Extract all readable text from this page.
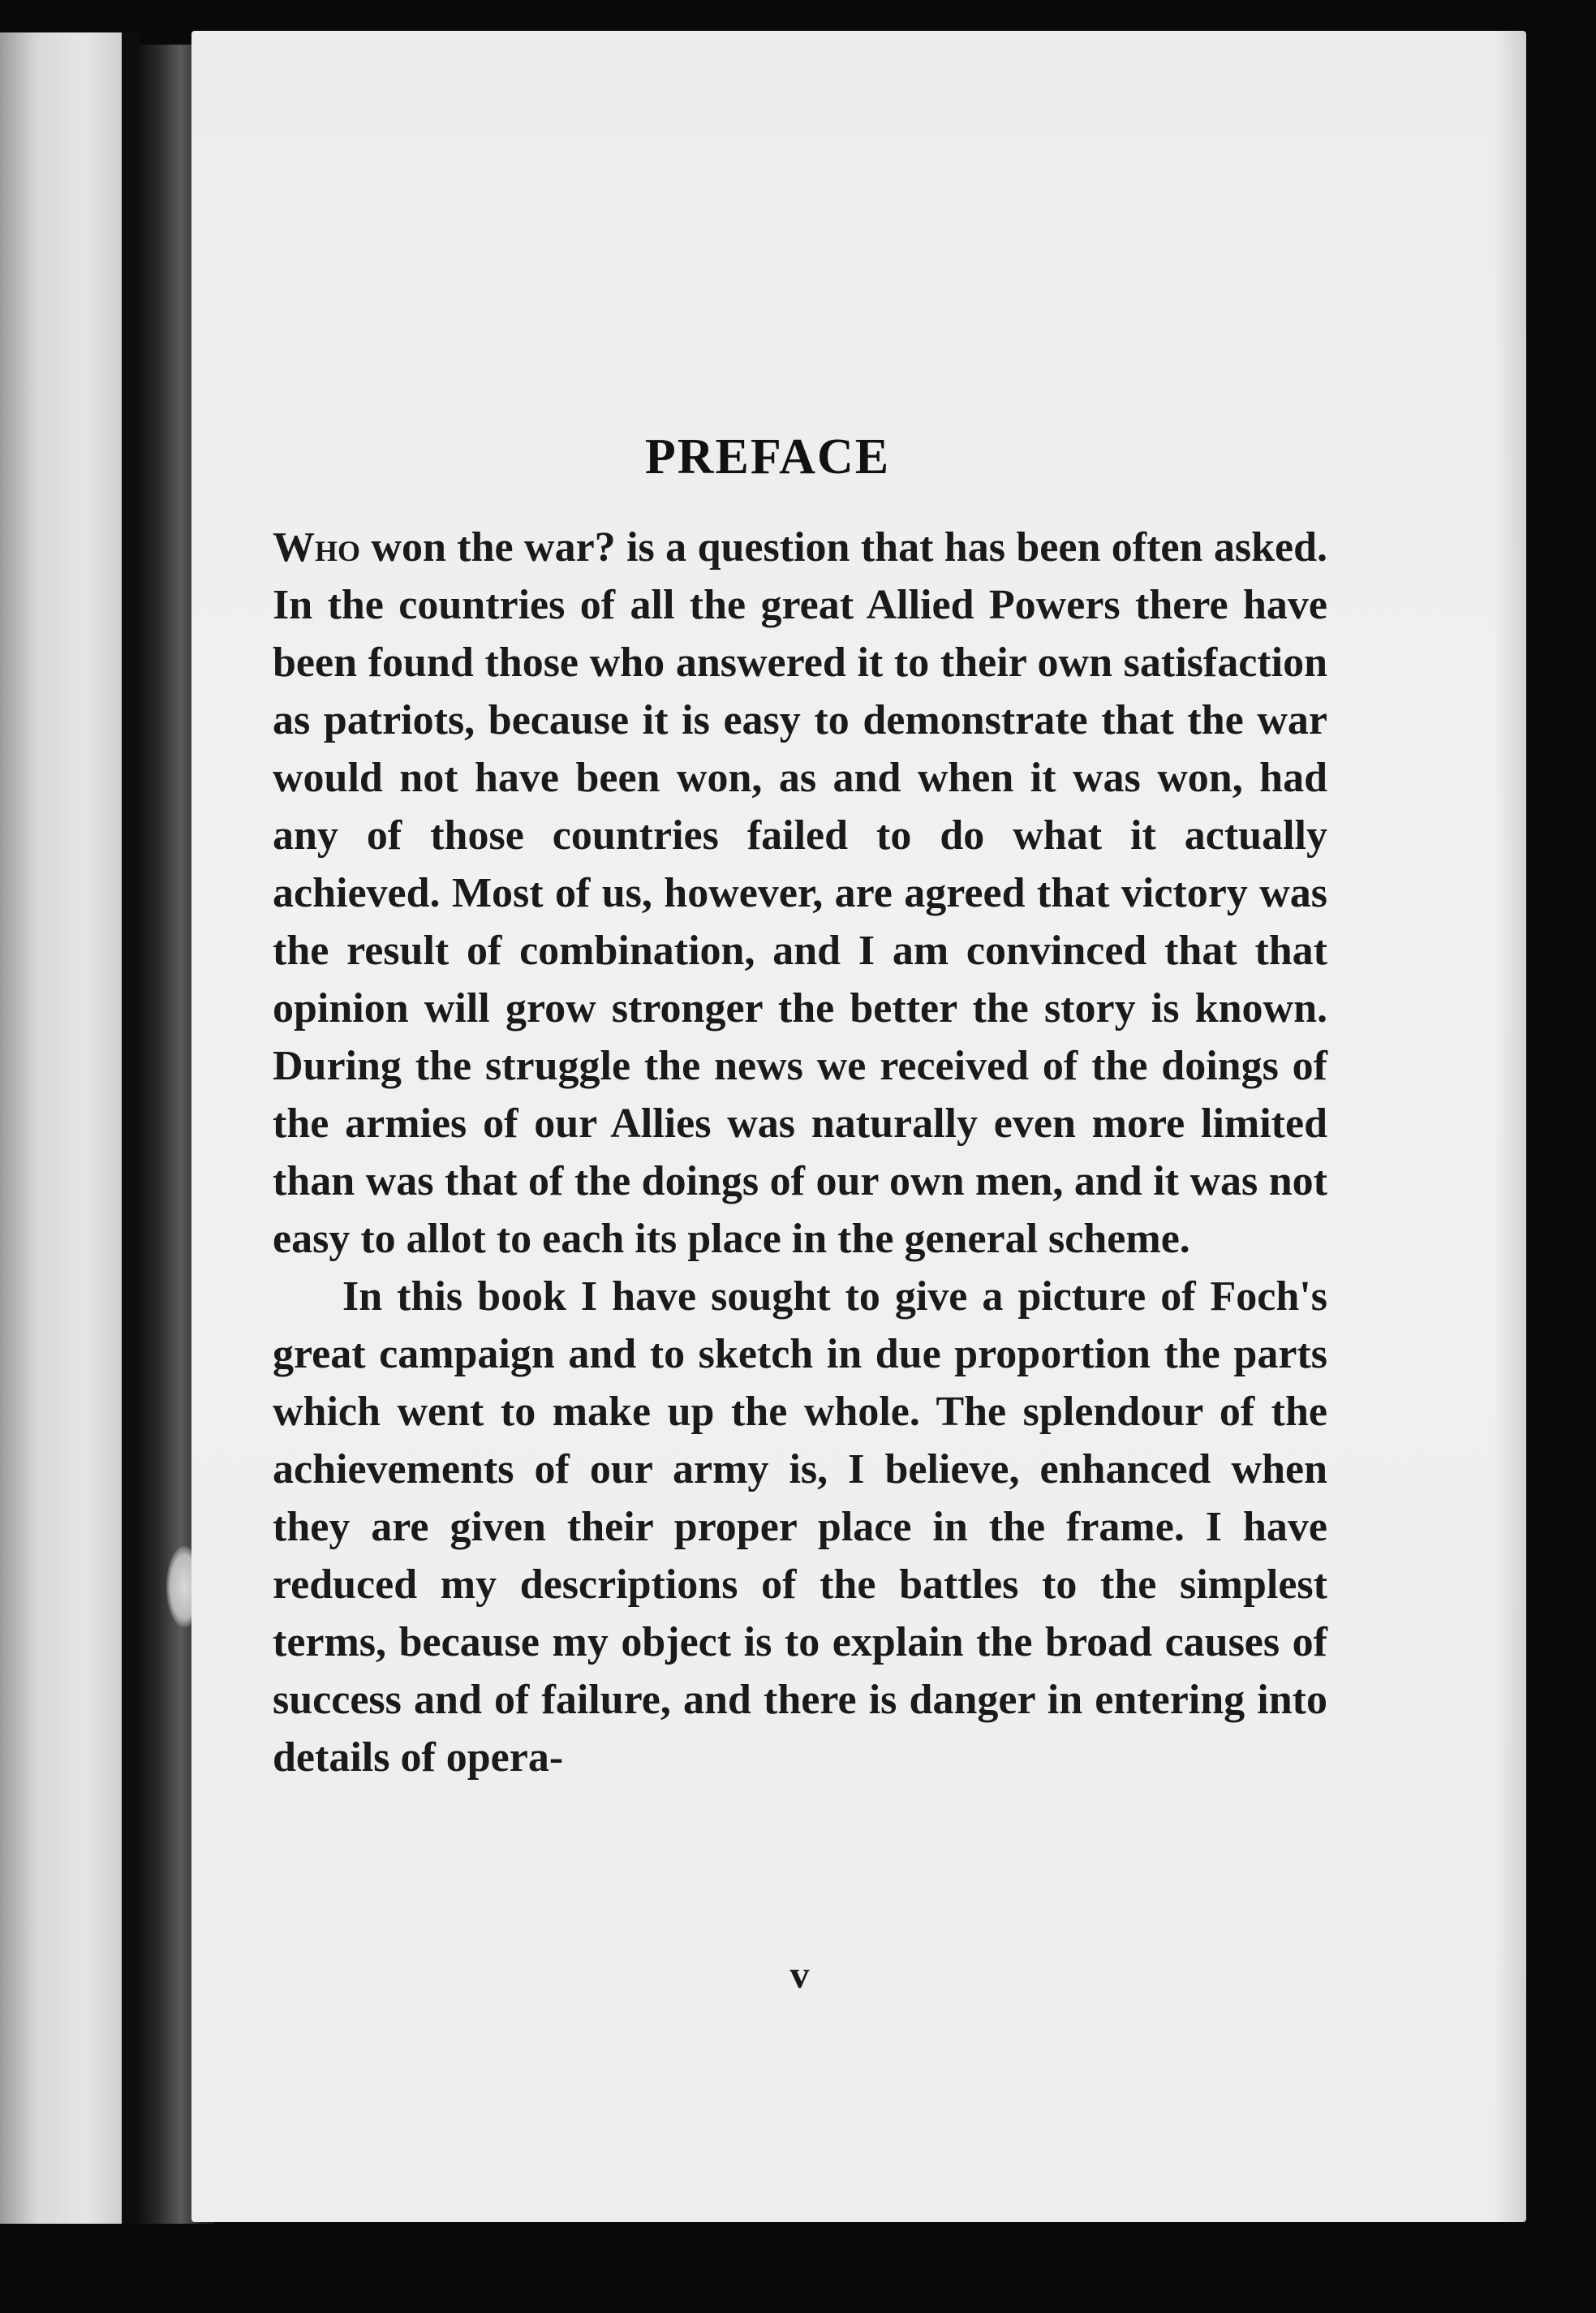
PREFACE

Who won the war? is a question that has been often asked. In the countries of all the great Allied Powers there have been found those who answered it to their own satisfaction as patriots, because it is easy to demonstrate that the war would not have been won, as and when it was won, had any of those countries failed to do what it actually achieved. Most of us, however, are agreed that victory was the result of combination, and I am convinced that that opinion will grow stronger the better the story is known. During the struggle the news we received of the doings of the armies of our Allies was naturally even more limited than was that of the doings of our own men, and it was not easy to allot to each its place in the general scheme.

In this book I have sought to give a picture of Foch's great campaign and to sketch in due proportion the parts which went to make up the whole. The splendour of the achievements of our army is, I believe, enhanced when they are given their proper place in the frame. I have reduced my descriptions of the battles to the simplest terms, because my object is to explain the broad causes of success and of failure, and there is danger in entering into details of opera-

v
